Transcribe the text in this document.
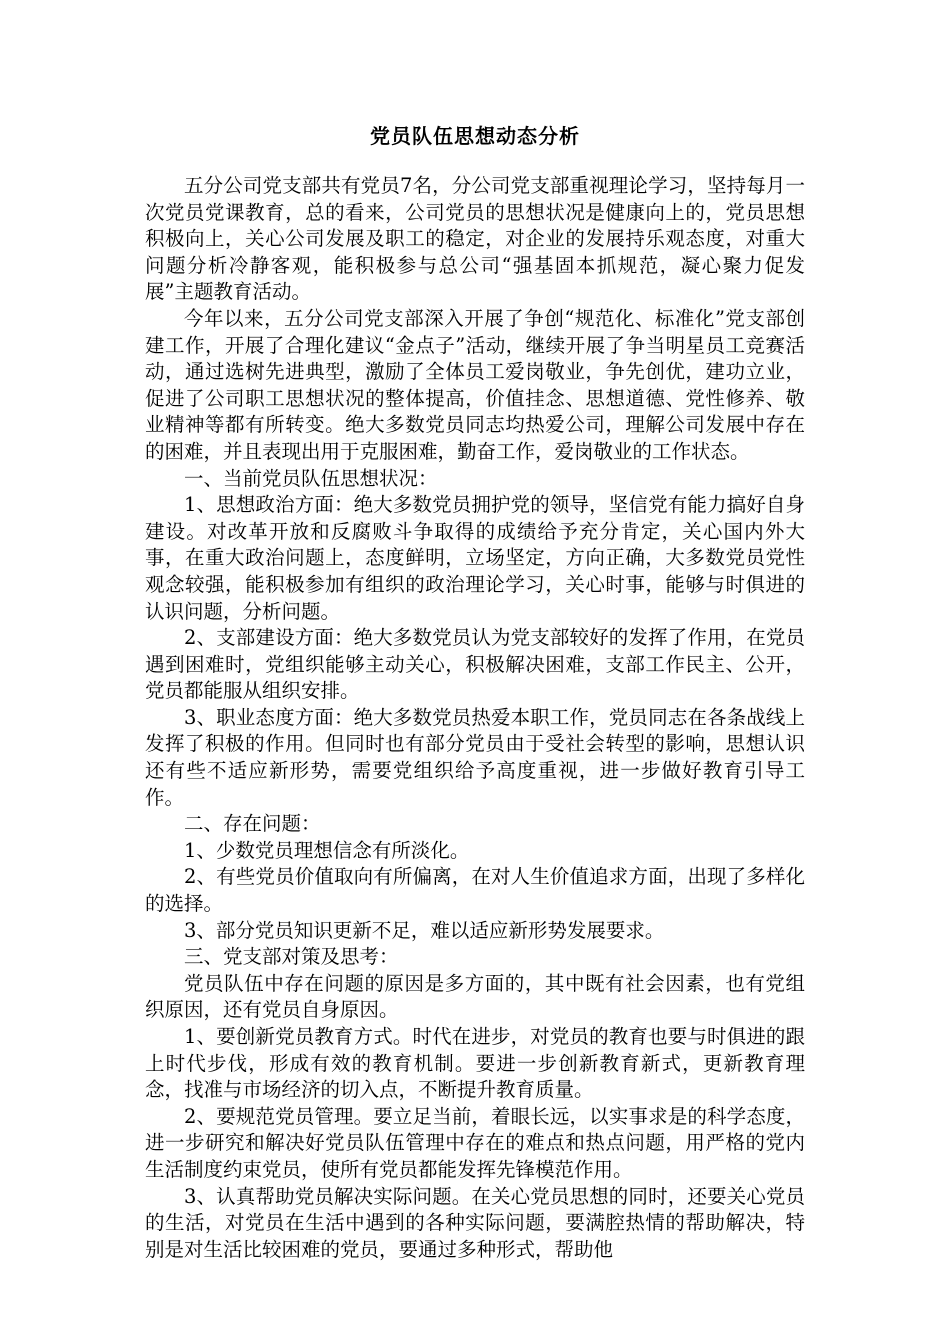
党员队伍思想动态分析

五分公司党支部共有党员7名，分公司党支部重视理论学习，坚持每月一次党员党课教育，总的看来，公司党员的思想状况是健康向上的，党员思想积极向上，关心公司发展及职工的稳定，对企业的发展持乐观态度，对重大问题分析冷静客观，能积极参与总公司“强基固本抓规范，凝心聚力促发展”主题教育活动。

今年以来，五分公司党支部深入开展了争创“规范化、标准化”党支部创建工作，开展了合理化建议“金点子”活动，继续开展了争当明星员工竞赛活动，通过选树先进典型，激励了全体员工爱岗敬业，争先创优，建功立业，促进了公司职工思想状况的整体提高，价值挂念、思想道德、党性修养、敬业精神等都有所转变。绝大多数党员同志均热爱公司，理解公司发展中存在的困难，并且表现出用于克服困难，勤奋工作，爱岗敬业的工作状态。

一、当前党员队伍思想状况：

1、思想政治方面：绝大多数党员拥护党的领导，坚信党有能力搞好自身建设。对改革开放和反腐败斗争取得的成绩给予充分肯定，关心国内外大事，在重大政治问题上，态度鲜明，立场坚定，方向正确，大多数党员党性观念较强，能积极参加有组织的政治理论学习，关心时事，能够与时俱进的认识问题，分析问题。

2、支部建设方面：绝大多数党员认为党支部较好的发挥了作用，在党员遇到困难时，党组织能够主动关心，积极解决困难，支部工作民主、公开，党员都能服从组织安排。

3、职业态度方面：绝大多数党员热爱本职工作，党员同志在各条战线上发挥了积极的作用。但同时也有部分党员由于受社会转型的影响，思想认识还有些不适应新形势，需要党组织给予高度重视，进一步做好教育引导工作。

二、存在问题：

1、少数党员理想信念有所淡化。

2、有些党员价值取向有所偏离，在对人生价值追求方面，出现了多样化的选择。

3、部分党员知识更新不足，难以适应新形势发展要求。

三、党支部对策及思考：

党员队伍中存在问题的原因是多方面的，其中既有社会因素，也有党组织原因，还有党员自身原因。

1、要创新党员教育方式。时代在进步，对党员的教育也要与时俱进的跟上时代步伐，形成有效的教育机制。要进一步创新教育新式，更新教育理念，找准与市场经济的切入点，不断提升教育质量。

2、要规范党员管理。要立足当前，着眼长远，以实事求是的科学态度，进一步研究和解决好党员队伍管理中存在的难点和热点问题，用严格的党内生活制度约束党员，使所有党员都能发挥先锋模范作用。

3、认真帮助党员解决实际问题。在关心党员思想的同时，还要关心党员的生活，对党员在生活中遇到的各种实际问题，要满腔热情的帮助解决，特别是对生活比较困难的党员，要通过多种形式，帮助他
